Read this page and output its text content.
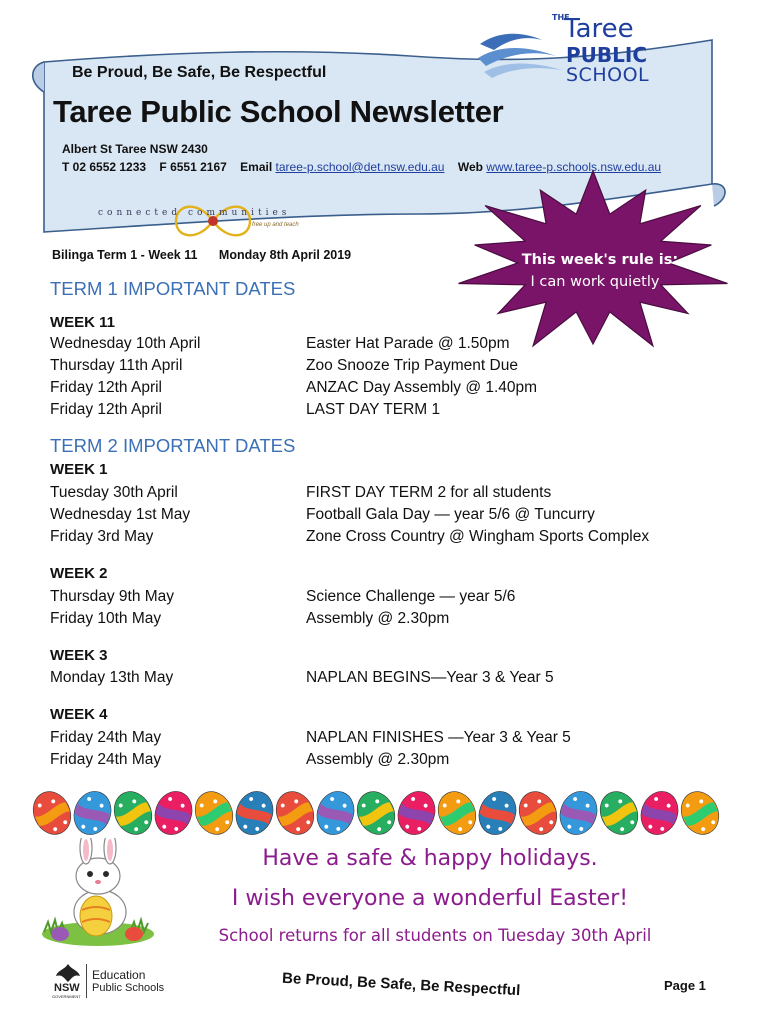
THE
Taree
PUBLIC
SCHOOL
Be Proud, Be Safe, Be Respectful
Taree Public School Newsletter
Albert St Taree NSW 2430
T 02 6552 1233 F 6551 2167 Email taree-p.school@det.nsw.edu.au Web www.taree-p.schools.nsw.edu.au
connected communities
free up and teach
Bilinga Term 1 - Week 11 Monday 8th April 2019	This week's rule is:
I can work quietly
TERM 1 IMPORTANT DATES
WEEK 11
Wednesday 10th April	Easter Hat Parade @ 1.50pm
Thursday 11th April	Zoo Snooze Trip Payment Due
Friday 12th April	ANZAC Day Assembly @ 1.40pm
Friday 12th April	LAST DAY TERM 1
TERM 2 IMPORTANT DATES
WEEK 1
Tuesday 30th April	FIRST DAY TERM 2 for all students
Wednesday 1st May	Football Gala Day — year 5/6 @ Tuncurry
Friday 3rd May	Zone Cross Country @ Wingham Sports Complex
WEEK 2
Thursday 9th May	Science Challenge — year 5/6
Friday 10th May	Assembly @ 2.30pm
WEEK 3
Monday 13th May	NAPLAN BEGINS—Year 3 & Year 5
WEEK 4
Friday 24th May	NAPLAN FINISHES —Year 3 & Year 5
Friday 24th May	Assembly @ 2.30pm
Have a safe & happy holidays.
I wish everyone a wonderful Easter!
School returns for all students on Tuesday 30th April
NSW
GOVERNMENT
Education
Public Schools	Be Proud, Be Safe, Be Respectful	Page 1
